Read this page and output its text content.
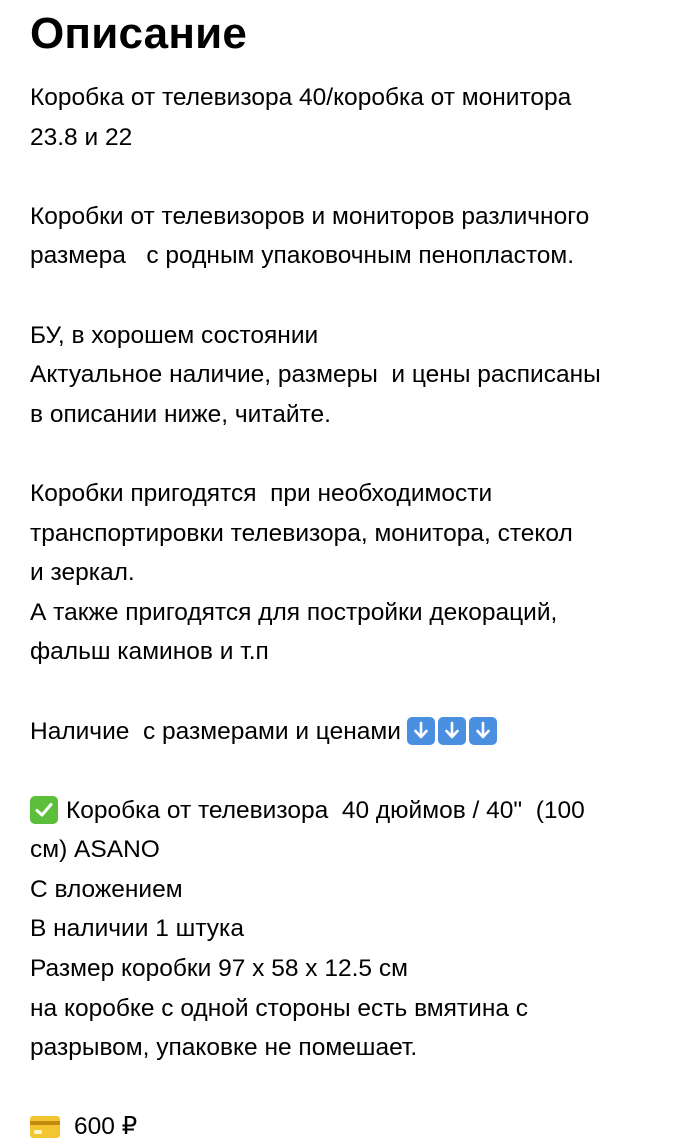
Описание
Коробка от телевизора 40/коробка от монитора
23.8 и 22
Коробки от телевизоров и мониторов различного
размера   с родным упаковочным пенопластом.
БУ, в хорошем состоянии
Актуальное наличие, размеры  и цены расписаны
в описании ниже, читайте.
Коробки пригодятся  при необходимости
транспортировки телевизора, монитора, стекол
и зеркал.
А также пригодятся для постройки декораций,
фальш каминов и т.п
Наличие  с размерами и ценами
Коробка от телевизора  40 дюймов / 40"  (100
см) ASANO
С вложением
В наличии 1 штука
Размер коробки 97 x 58 x 12.5 см
на коробке с одной стороны есть вмятина с
разрывом, упаковке не помешает.
600 ₽
